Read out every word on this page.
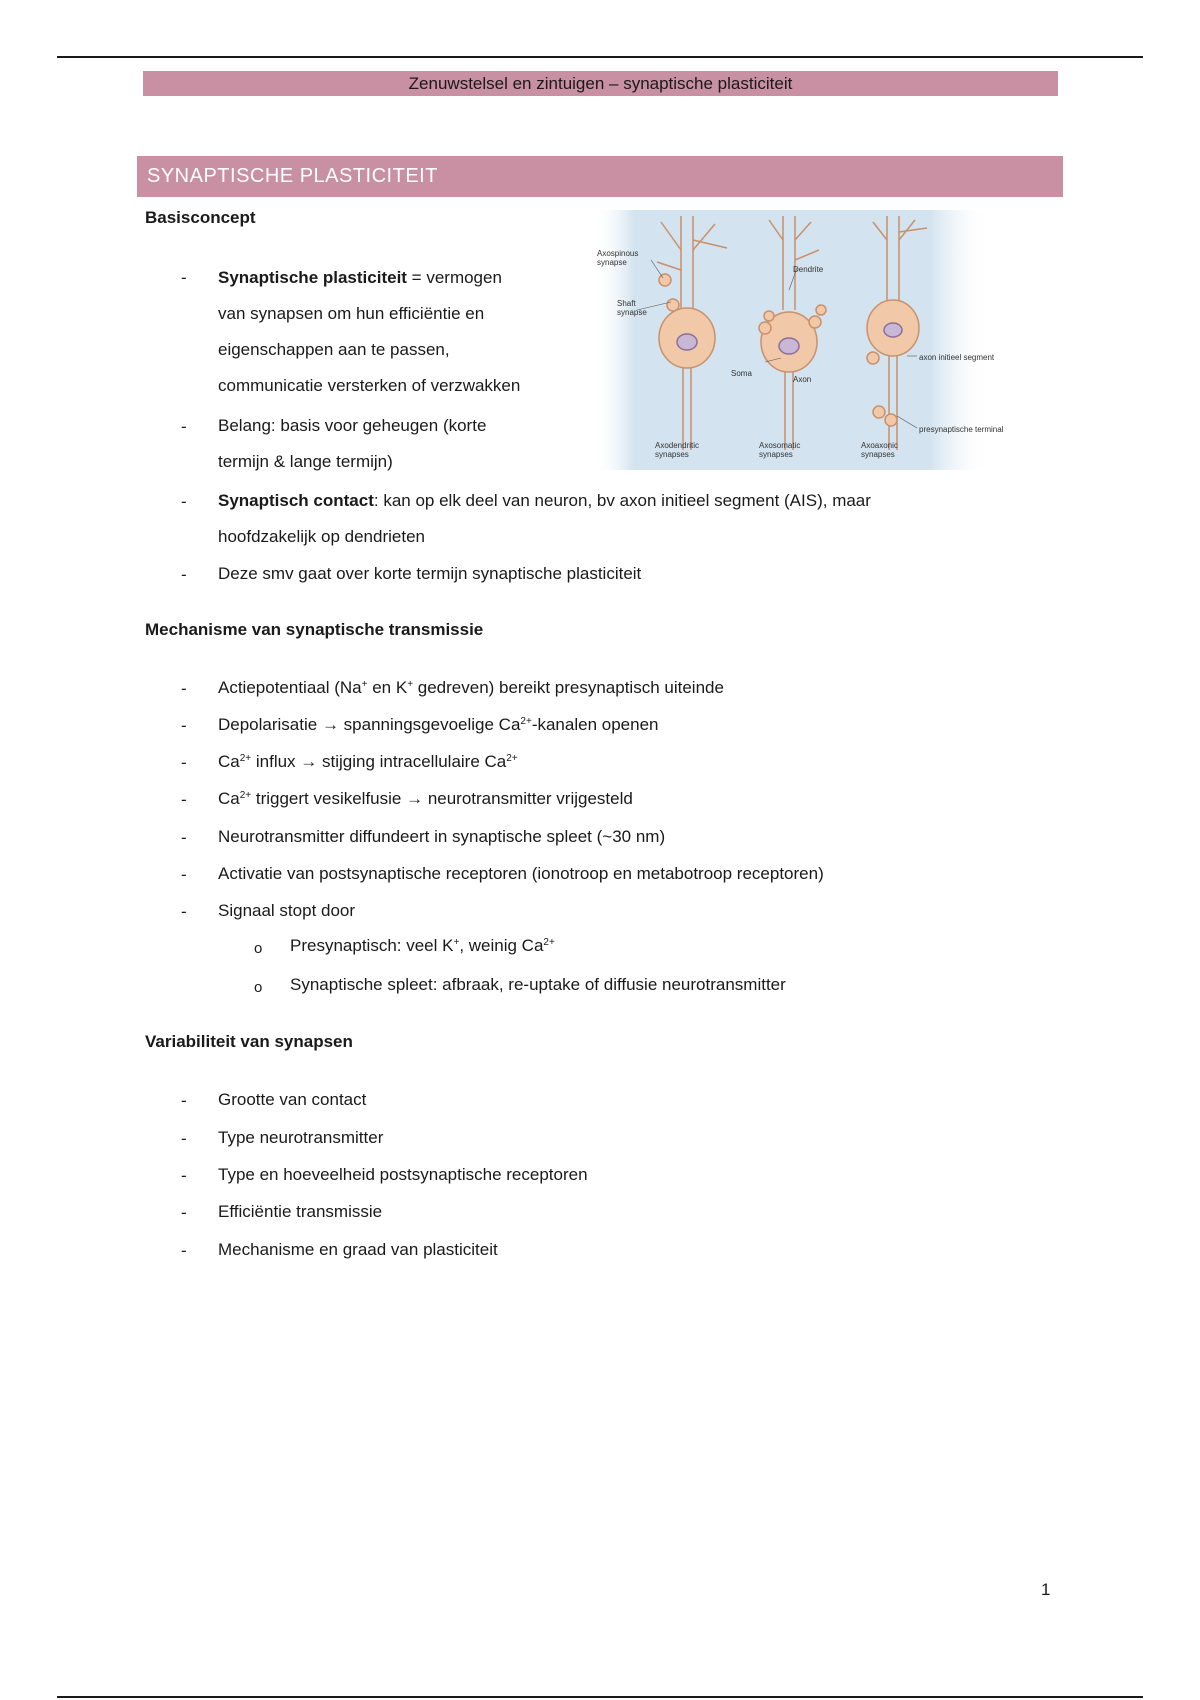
Zenuwstelsel en zintuigen – synaptische plasticiteit
SYNAPTISCHE PLASTICITEIT
Basisconcept
- Synaptische plasticiteit = vermogen
van synapsen om hun efficiëntie en
eigenschappen aan te passen,
communicatie versterken of verzwakken
- Belang: basis voor geheugen (korte
termijn & lange termijn)
- Synaptisch contact: kan op elk deel van neuron, bv axon initieel segment (AIS), maar
hoofdzakelijk op dendrieten
- Deze smv gaat over korte termijn synaptische plasticiteit
Axospinous synapse
Shaft synapse
Dendrite
Soma
Axon
axon initieel segment
presynaptische terminal
Axodendritic synapses
Axosomatic synapses
Axoaxonic synapses
Mechanisme van synaptische transmissie
- Actiepotentiaal (Na+ en K+ gedreven) bereikt presynaptisch uiteinde
- Depolarisatie → spanningsgevoelige $Ca^{2+}$-kanalen openen
- $Ca^{2+}$ influx → stijging intracellulaire $Ca^{2+}$
- $Ca^{2+}$ triggert vesikelfusie → neurotransmitter vrijgesteld
- Neurotransmitter diffundeert in synaptische spleet (~30 nm)
- Activatie van postsynaptische receptoren (ionotroop en metabotroop receptoren)
- Signaal stopt door
o Presynaptisch: veel K+, weinig $Ca^{2+}$
o Synaptische spleet: afbraak, re-uptake of diffusie neurotransmitter
Variabiliteit van synapsen
- Grootte van contact
- Type neurotransmitter
- Type en hoeveelheid postsynaptische receptoren
- Efficiëntie transmissie
- Mechanisme en graad van plasticiteit
1
